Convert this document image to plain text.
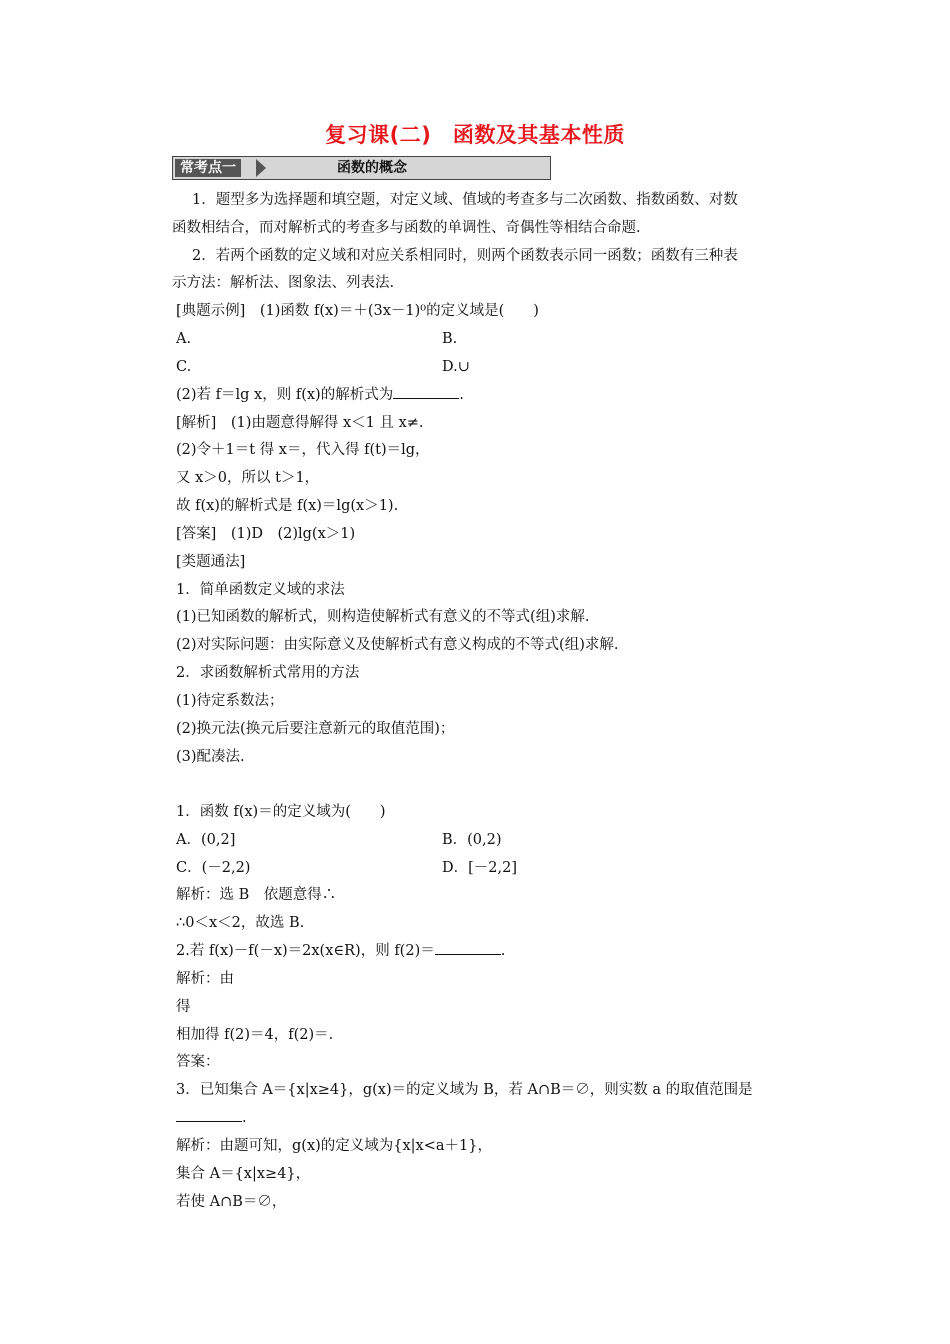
复习课(二)　函数及其基本性质
常考点一	函数的概念
1．题型多为选择题和填空题，对定义域、值域的考查多与二次函数、指数函数、对数
函数相结合，而对解析式的考查多与函数的单调性、奇偶性等相结合命题.
2．若两个函数的定义域和对应关系相同时，则两个函数表示同一函数；函数有三种表
示方法：解析法、图象法、列表法.
[典题示例]　(1)函数 f(x)＝＋(3x－1)⁰的定义域是(　　)
A.	B.
C.	D.∪
(2)若 f＝lg x，则 f(x)的解析式为	.
[解析]　(1)由题意得解得 x＜1 且 x≠.
(2)令＋1＝t 得 x＝，代入得 f(t)＝lg，
又 x＞0，所以 t＞1，
故 f(x)的解析式是 f(x)＝lg(x＞1).
[答案]　(1)D　(2)lg(x＞1)
[类题通法]
1．简单函数定义域的求法
(1)已知函数的解析式，则构造使解析式有意义的不等式(组)求解.
(2)对实际问题：由实际意义及使解析式有意义构成的不等式(组)求解.
2．求函数解析式常用的方法
(1)待定系数法；
(2)换元法(换元后要注意新元的取值范围)；
(3)配凑法.
1．函数 f(x)＝的定义域为(　　)
A．(0,2]	B．(0,2)
C．(－2,2)	D．[－2,2]
解析：选 B　依题意得∴
∴0＜x＜2，故选 B.
2.若 f(x)－f(－x)＝2x(x∈R)，则 f(2)＝	.
解析：由
得
相加得 f(2)＝4，f(2)＝.
答案：
3．已知集合 A＝{x|x≥4}，g(x)＝的定义域为 B，若 A∩B＝∅，则实数 a 的取值范围是
.
解析：由题可知，g(x)的定义域为{x|x<a＋1}，
集合 A＝{x|x≥4}，
若使 A∩B＝∅，
